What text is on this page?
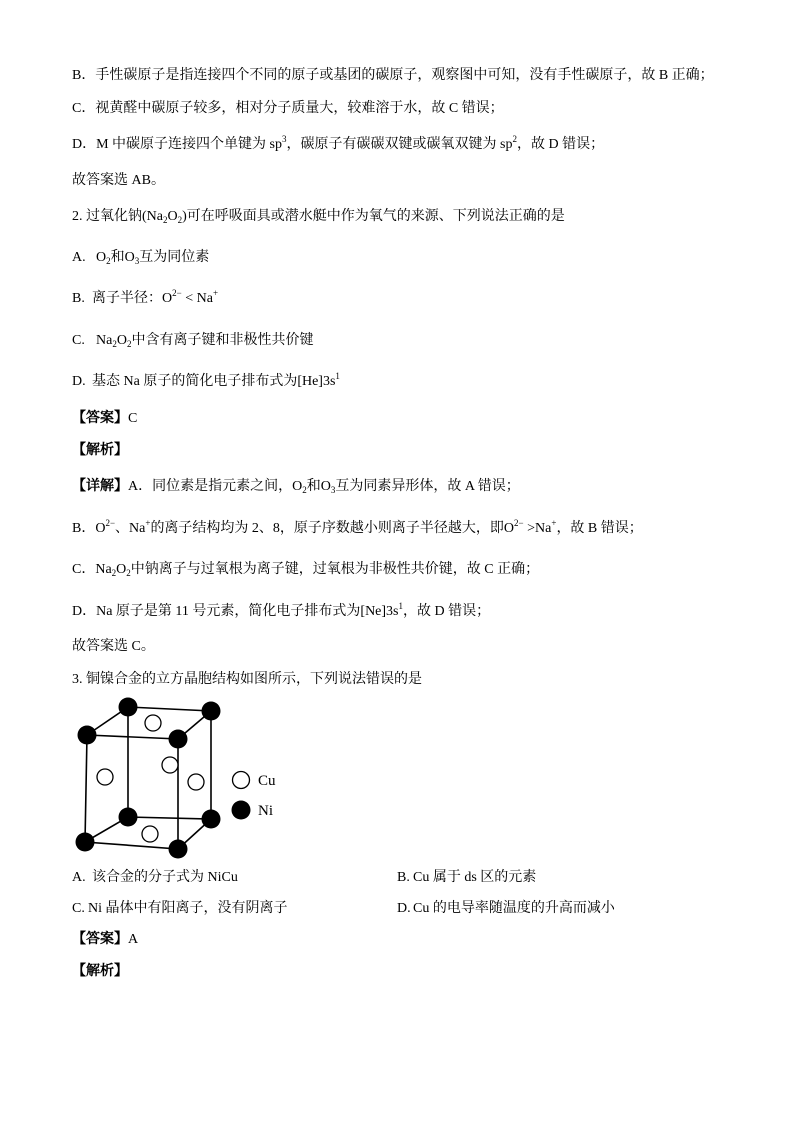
B．手性碳原子是指连接四个不同的原子或基团的碳原子，观察图中可知，没有手性碳原子，故 B 正确；
C．视黄醛中碳原子较多，相对分子质量大，较难溶于水，故 C 错误；
D．M 中碳原子连接四个单键为 $sp^3$，碳原子有碳碳双键或碳氧双键为 $sp^2$，故 D 错误；
故答案选 AB。
2. 过氧化钠$(Na_2O_2)$可在呼吸面具或潜水艇中作为氧气的来源、下列说法正确的是
A. $O_2$和$O_3$互为同位素
B. 离子半径：$O^{2-} < Na^+$
C. $Na_2O_2$中含有离子键和非极性共价键
D. 基态 Na 原子的简化电子排布式为$[He]3s^1$
【答案】C
【解析】
【详解】A．同位素是指元素之间，$O_2$和$O_3$互为同素异形体，故 A 错误；
B．$O^{2-}$、Na+的离子结构均为 2、8，原子序数越小则离子半径越大，即$O^{2-} >Na^+$，故 B 错误；
C．$Na_2O_2$中钠离子与过氧根为离子键，过氧根为非极性共价键，故 C 正确；
D．Na 原子是第 11 号元素，简化电子排布式为$[Ne]3s^1$，故 D 错误；
故答案选 C。
3. 铜镍合金的立方晶胞结构如图所示，下列说法错误的是
Cu
Ni
A. 该合金的分子式为 NiCu	B. Cu 属于 ds 区的元素
C. Ni 晶体中有阳离子，没有阴离子	D. Cu 的电导率随温度的升高而减小
【答案】A
【解析】
